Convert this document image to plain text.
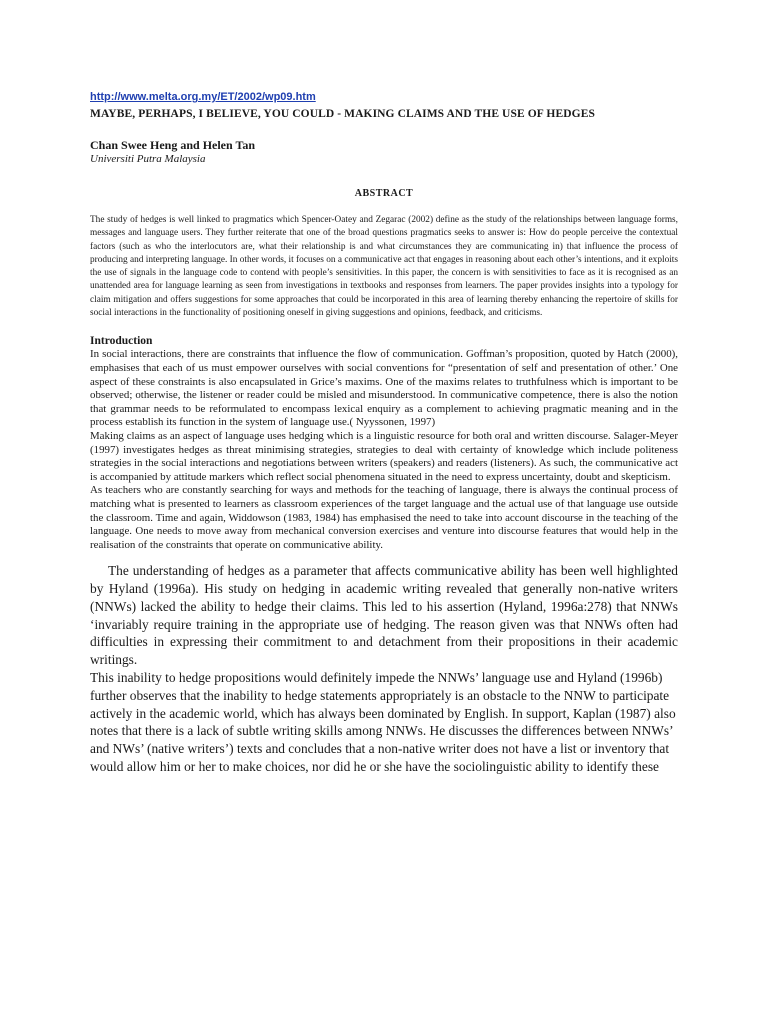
http://www.melta.org.my/ET/2002/wp09.htm

MAYBE, PERHAPS, I BELIEVE, YOU COULD - MAKING CLAIMS AND THE USE OF HEDGES

Chan Swee Heng and Helen Tan

Universiti Putra Malaysia

ABSTRACT

The study of hedges is well linked to pragmatics which Spencer-Oatey and Zegarac (2002) define as the study of the relationships between language forms, messages and language users. They further reiterate that one of the broad questions pragmatics seeks to answer is: How do people perceive the contextual factors (such as who the interlocutors are, what their relationship is and what circumstances they are communicating in) that influence the process of producing and interpreting language. In other words, it focuses on a communicative act that engages in reasoning about each other’s intentions, and it exploits the use of signals in the language code to contend with people’s sensitivities. In this paper, the concern is with sensitivities to face as it is recognised as an unattended area for language learning as seen from investigations in textbooks and responses from learners. The paper provides insights into a typology for claim mitigation and offers suggestions for some approaches that could be incorporated in this area of learning thereby enhancing the repertoire of skills for social interactions in the functionality of positioning oneself in giving suggestions and opinions, feedback, and criticisms.

Introduction

In social interactions, there are constraints that influence the flow of communication. Goffman’s proposition, quoted by Hatch (2000), emphasises that each of us must empower ourselves with social conventions for “presentation of self and presentation of other.’ One aspect of these constraints is also encapsulated in Grice’s maxims. One of the maxims relates to truthfulness which is important to be observed; otherwise, the listener or reader could be misled and misunderstood. In communicative competence, there is also the notion that grammar needs to be reformulated to encompass lexical enquiry as a complement to achieving pragmatic meaning and in the process establish its function in the system of language use.( Nyyssonen, 1997)

Making claims as an aspect of language uses hedging which is a linguistic resource for both oral and written discourse. Salager-Meyer (1997) investigates hedges as threat minimising strategies, strategies to deal with certainty of knowledge which include politeness strategies in the social interactions and negotiations between writers (speakers) and readers (listeners). As such, the communicative act is accompanied by attitude markers which reflect social phenomena situated in the need to express uncertainty, doubt and skepticism.

As teachers who are constantly searching for ways and methods for the teaching of language, there is always the continual process of matching what is presented to learners as classroom experiences of the target language and the actual use of that language use outside the classroom. Time and again, Widdowson (1983, 1984) has emphasised the need to take into account discourse in the teaching of the language. One needs to move away from mechanical conversion exercises and venture into discourse features that would help in the realisation of the constraints that operate on communicative ability.

The understanding of hedges as a parameter that affects communicative ability has been well highlighted by Hyland (1996a). His study on hedging in academic writing revealed that generally non-native writers (NNWs) lacked the ability to hedge their claims. This led to his assertion (Hyland, 1996a:278) that NNWs ‘invariably require training in the appropriate use of hedging. The reason given was that NNWs often had difficulties in expressing their commitment to and detachment from their propositions in their academic writings.

This inability to hedge propositions would definitely impede the NNWs’ language use and Hyland (1996b) further observes that the inability to hedge statements appropriately is an obstacle to the NNW to participate actively in the academic world, which has always been dominated by English. In support, Kaplan (1987) also notes that there is a lack of subtle writing skills among NNWs. He discusses the differences between NNWs’ and NWs’ (native writers’) texts and concludes that a non-native writer does not have a list or inventory that would allow him or her to make choices, nor did he or she have the sociolinguistic ability to identify these
